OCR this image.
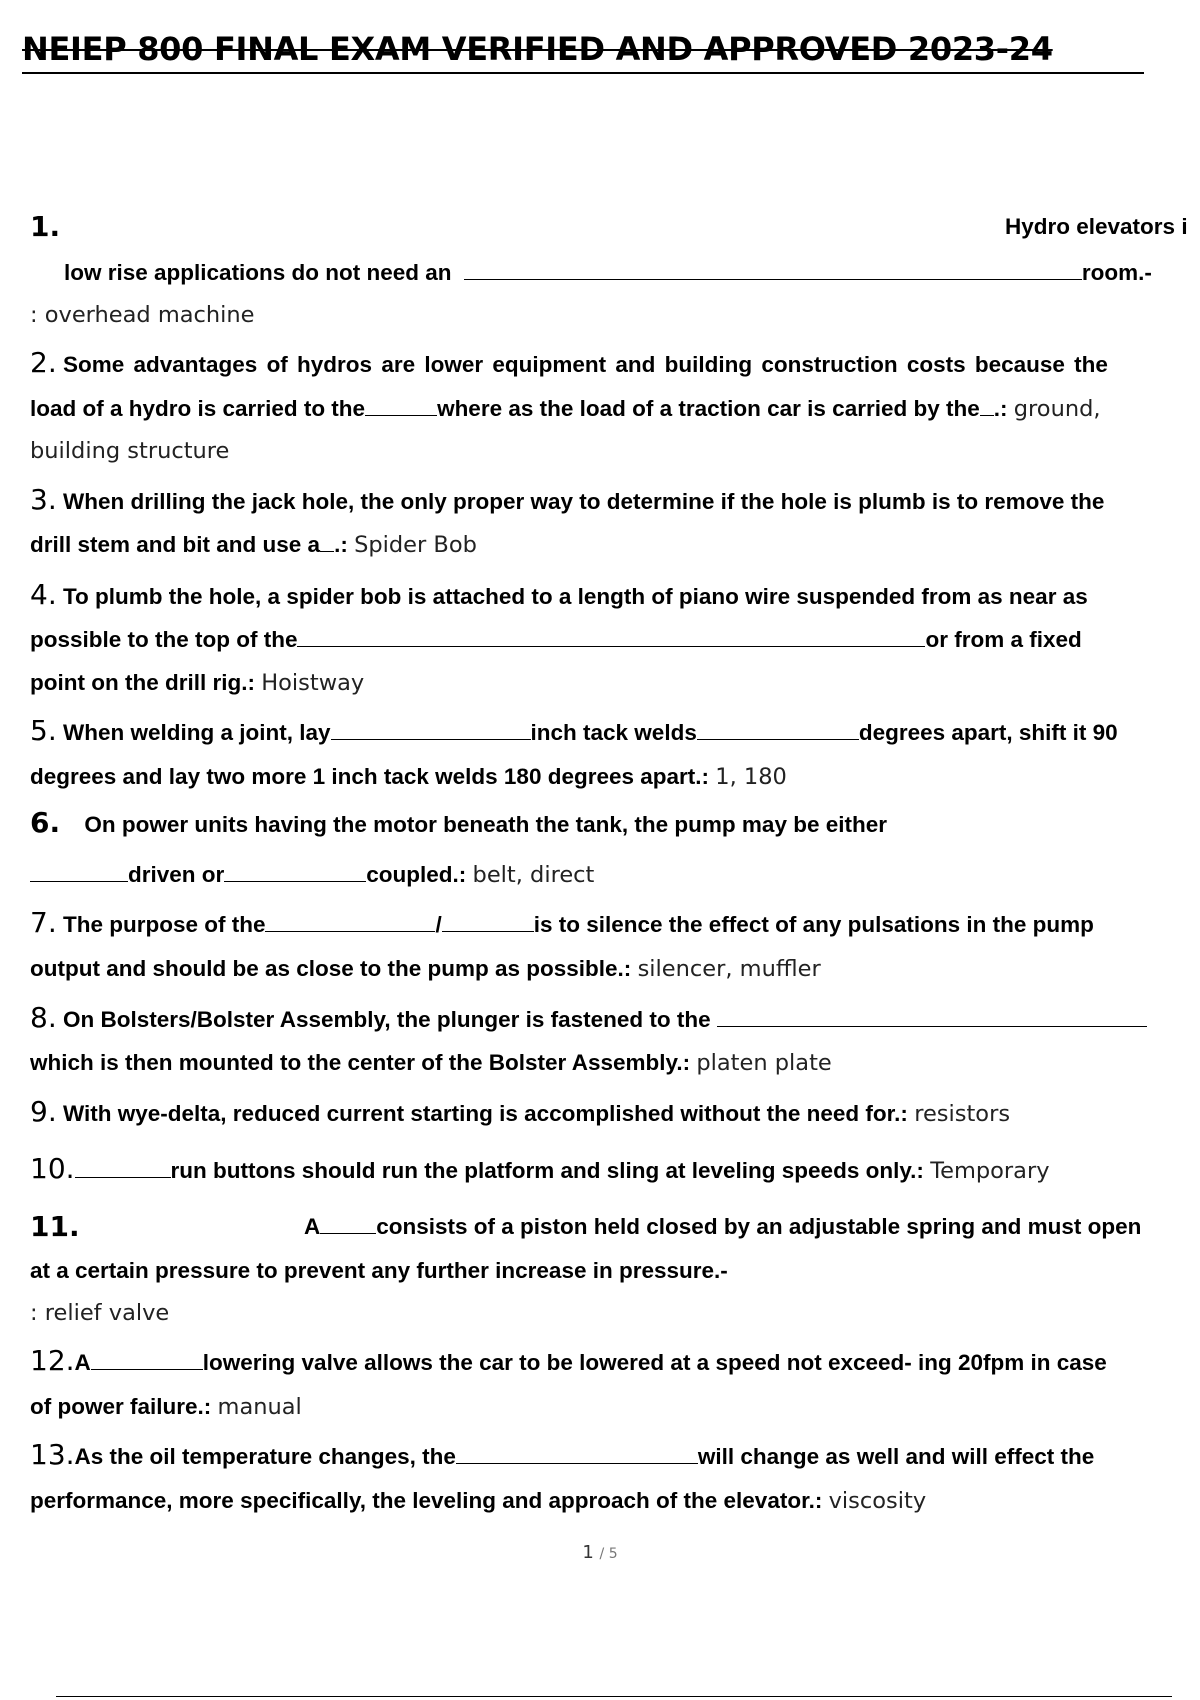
NEIEP 800 FINAL EXAM VERIFIED AND APPROVED 2023-24
1.	Hydro elevators i
low rise applications do not need an	room.-
: overhead machine
2. Some advantages of hydros are lower equipment and building construction costs because the
load of a hydro is carried to the	where as the load of a traction car is carried by the .: ground,
building structure
3. When drilling the jack hole, the only proper way to determine if the hole is plumb is to remove the
drill stem and bit and use a .: Spider Bob
4. To plumb the hole, a spider bob is attached to a length of piano wire suspended from as near as
possible to the top of the	or from a fixed
point on the drill rig.: Hoistway
5. When welding a joint, lay	inch tack welds	degrees apart, shift it 90
degrees and lay two more 1 inch tack welds 180 degrees apart.: 1, 180
6. On power units having the motor beneath the tank, the pump may be either
driven or	coupled.: belt, direct
7. The purpose of the	/	is to silence the effect of any pulsations in the pump
output and should be as close to the pump as possible.: silencer, muffler
8. On Bolsters/Bolster Assembly, the plunger is fastened to the
which is then mounted to the center of the Bolster Assembly.: platen plate
9. With wye-delta, reduced current starting is accomplished without the need for.: resistors
10.	run buttons should run the platform and sling at leveling speeds only.: Temporary
11.	A consists of a piston held closed by an adjustable spring and must open
at a certain pressure to prevent any further increase in pressure.-
: relief valve
12.A	lowering valve allows the car to be lowered at a speed not exceed- ing 20fpm in case
of power failure.: manual
13.As the oil temperature changes, the	will change as well and will effect the
performance, more specifically, the leveling and approach of the elevator.: viscosity
1 / 5
